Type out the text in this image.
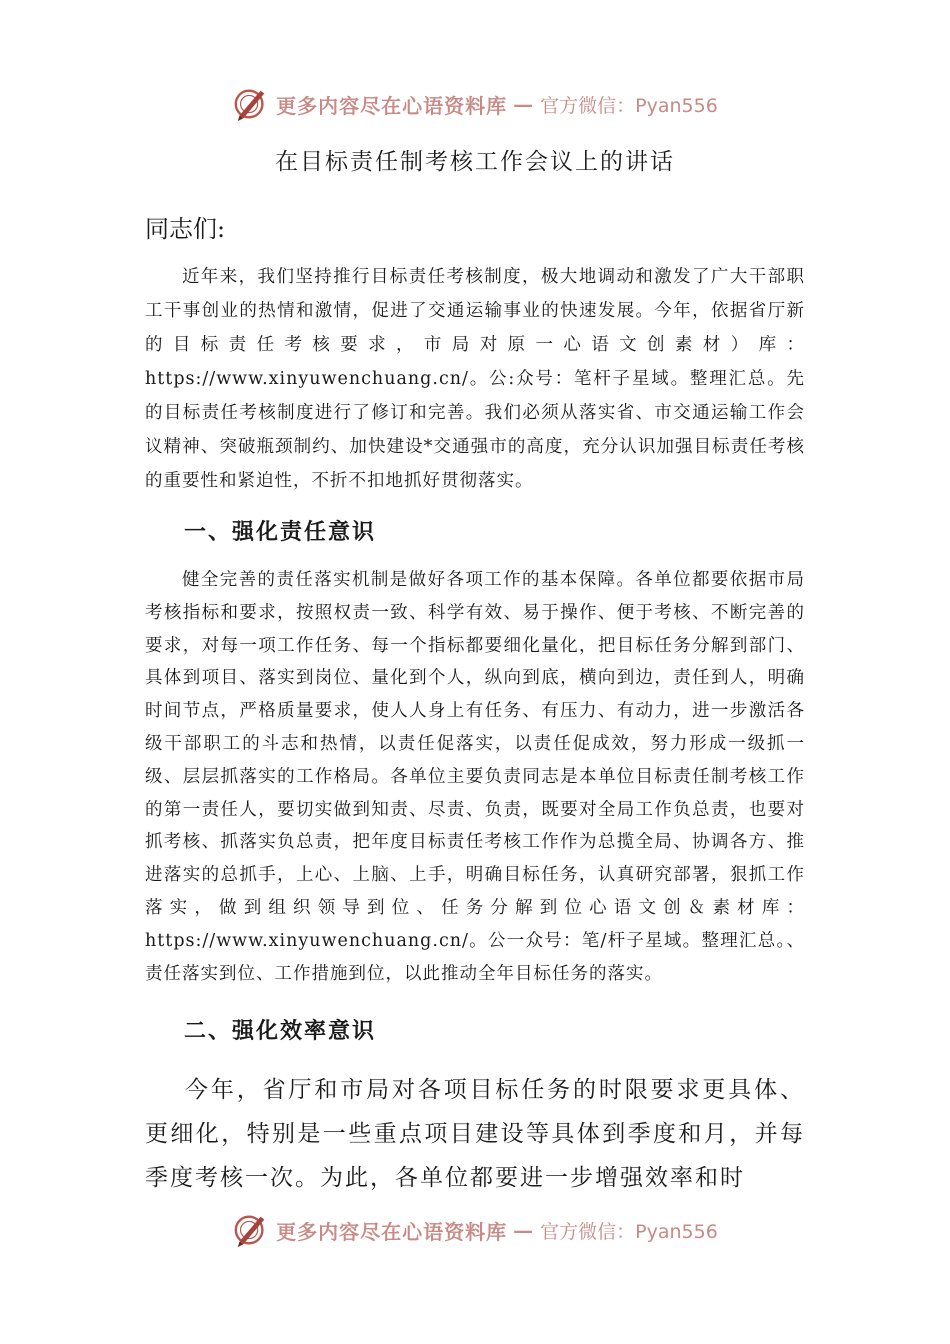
更多内容尽在心语资料库 — 官方微信：Pyan556
在目标责任制考核工作会议上的讲话
同志们:

近年来，我们坚持推行目标责任考核制度，极大地调动和激发了广大干部职工干事创业的热情和激情，促进了交通运输事业的快速发展。今年，依据省厅新的目标责任考核要求，市局对原一心语文创素材）库：https://www.xinyuwenchuang.cn/。公:众号：笔杆子星域。整理汇总。先的目标责任考核制度进行了修订和完善。我们必须从落实省、市交通运输工作会议精神、突破瓶颈制约、加快建设*交通强市的高度，充分认识加强目标责任考核的重要性和紧迫性，不折不扣地抓好贯彻落实。

一、强化责任意识

健全完善的责任落实机制是做好各项工作的基本保障。各单位都要依据市局考核指标和要求，按照权责一致、科学有效、易于操作、便于考核、不断完善的要求，对每一项工作任务、每一个指标都要细化量化，把目标任务分解到部门、具体到项目、落实到岗位、量化到个人，纵向到底，横向到边，责任到人，明确时间节点，严格质量要求，使人人身上有任务、有压力、有动力，进一步激活各级干部职工的斗志和热情，以责任促落实，以责任促成效，努力形成一级抓一级、层层抓落实的工作格局。各单位主要负责同志是本单位目标责任制考核工作的第一责任人，要切实做到知责、尽责、负责，既要对全局工作负总责，也要对抓考核、抓落实负总责，把年度目标责任考核工作作为总揽全局、协调各方、推进落实的总抓手，上心、上脑、上手，明确目标任务，认真研究部署，狠抓工作落实，做到组织领导到位、任务分解到位心语文创＆素材库：https://www.xinyuwenchuang.cn/。公一众号：笔/杆子星域。整理汇总。、责任落实到位、工作措施到位，以此推动全年目标任务的落实。

二、强化效率意识

今年，省厅和市局对各项目标任务的时限要求更具体、更细化，特别是一些重点项目建设等具体到季度和月，并每季度考核一次。为此，各单位都要进一步增强效率和时

更多内容尽在心语资料库 — 官方微信：Pyan556
